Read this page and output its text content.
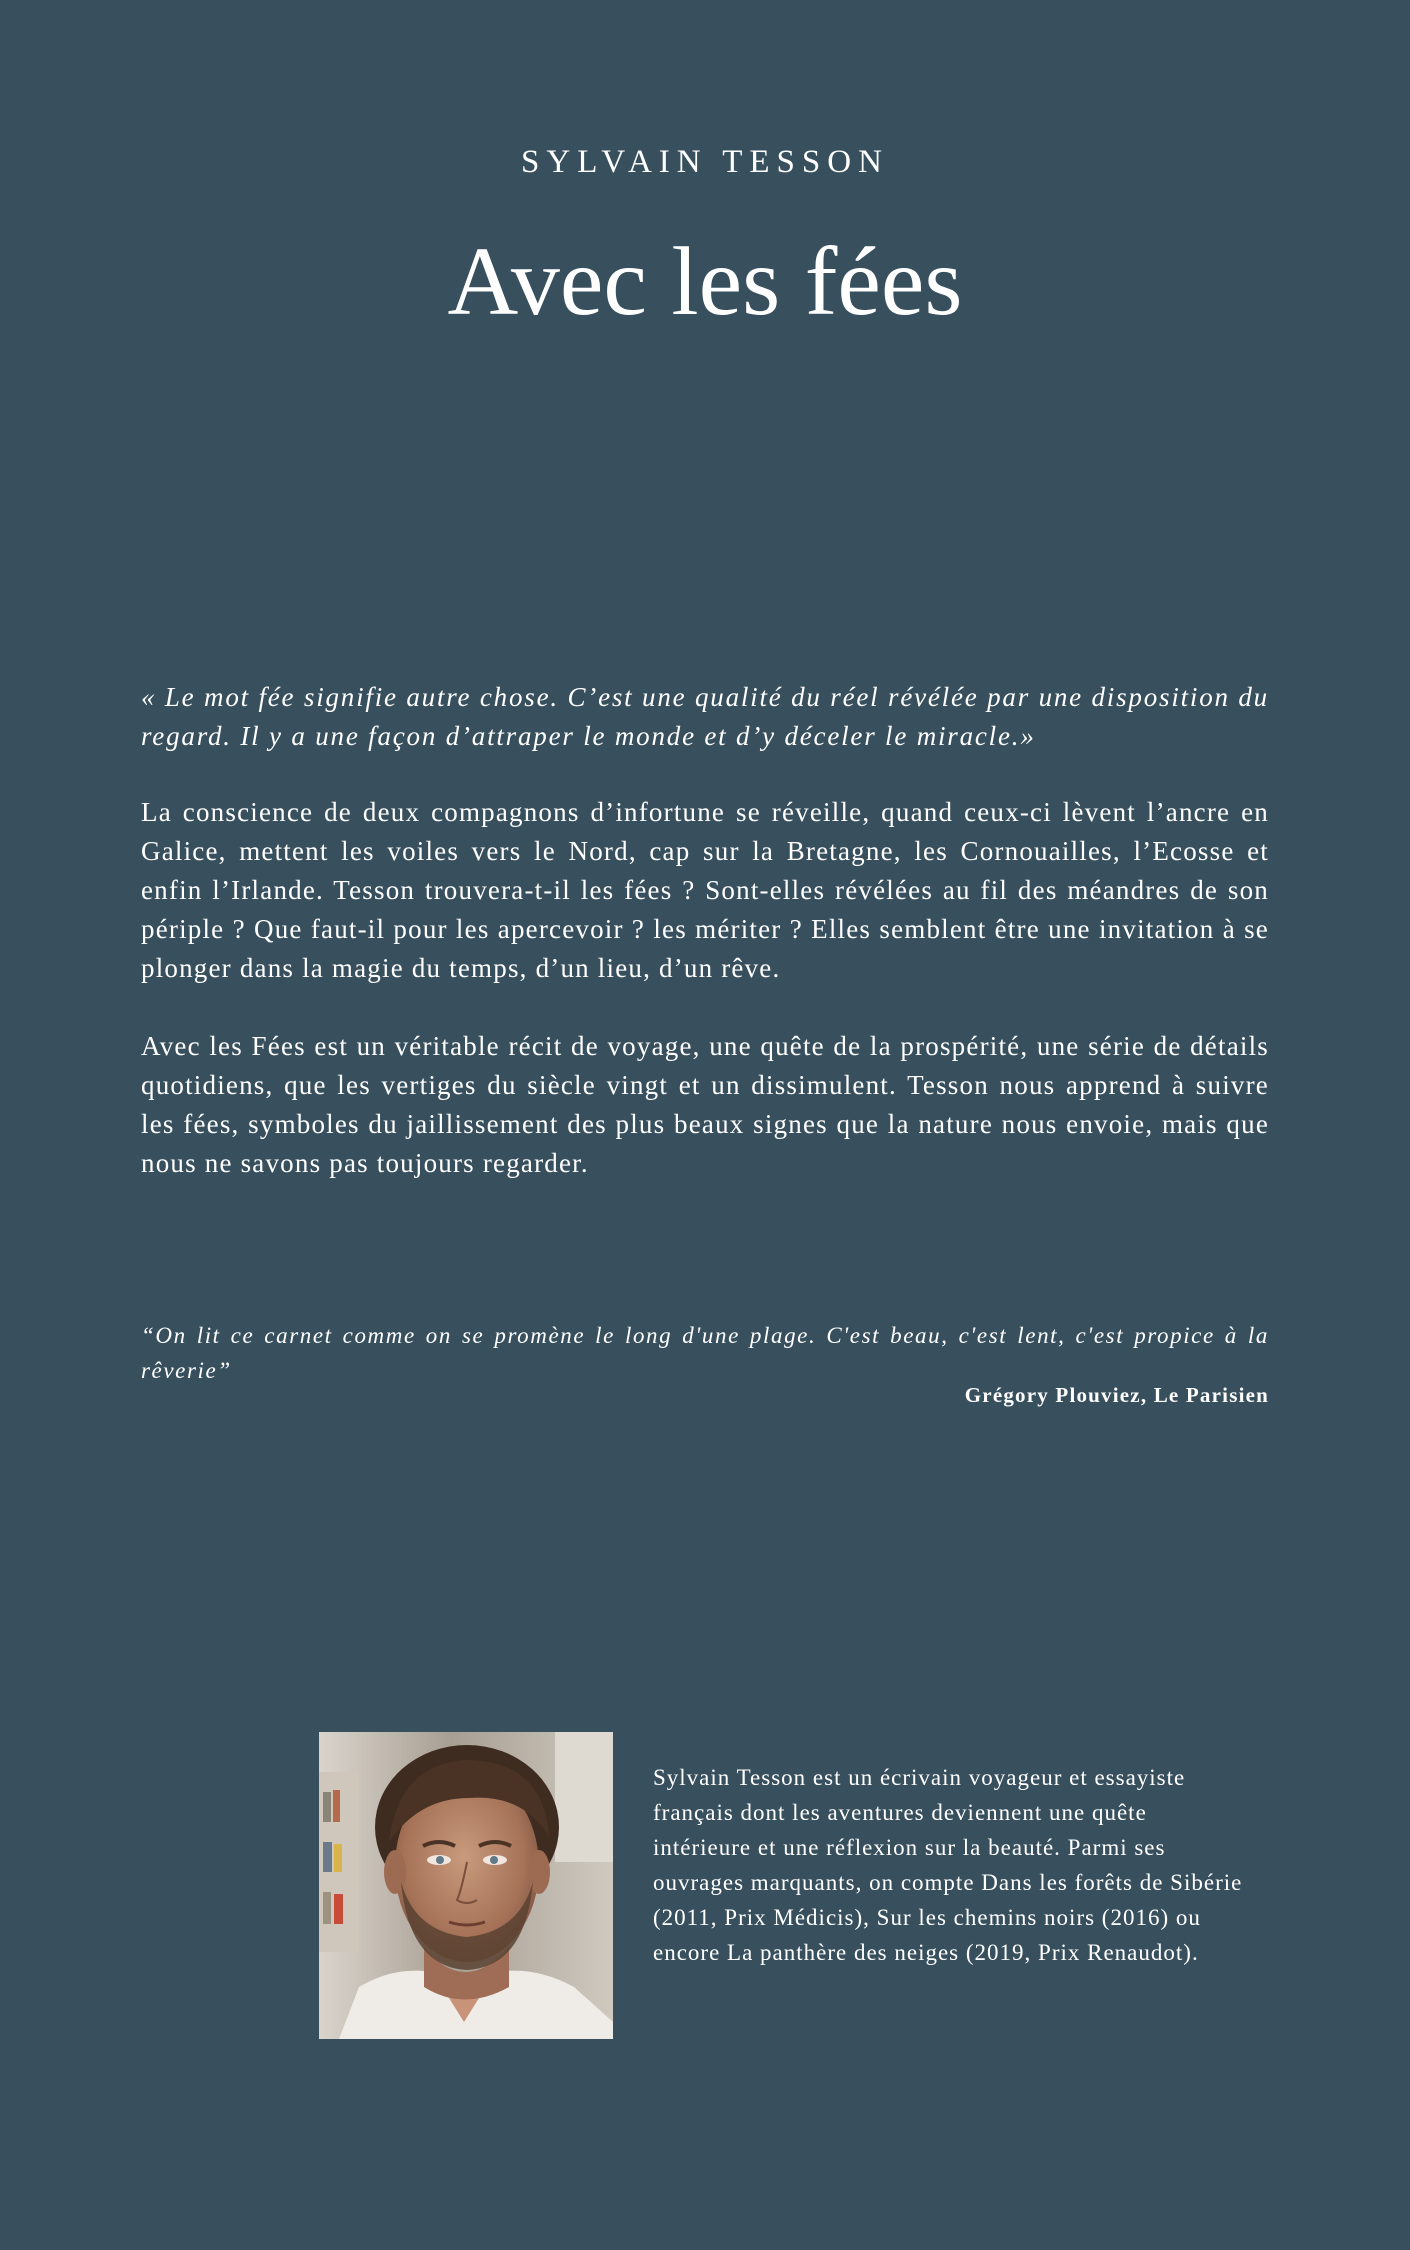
SYLVAIN TESSON
Avec les fées

« Le mot fée signifie autre chose. C’est une qualité du réel révélée par une disposition du regard. Il y a une façon d’attraper le monde et d’y déceler le miracle.»

La conscience de deux compagnons d’infortune se réveille, quand ceux-ci lèvent l’ancre en Galice, mettent les voiles vers le Nord, cap sur la Bretagne, les Cornouailles, l’Ecosse et enfin l’Irlande. Tesson trouvera-t-il les fées ? Sont-elles révélées au fil des méandres de son périple ? Que faut-il pour les apercevoir ? les mériter ? Elles semblent être une invitation à se plonger dans la magie du temps, d’un lieu, d’un rêve.

Avec les Fées est un véritable récit de voyage, une quête de la prospérité, une série de détails quotidiens, que les vertiges du siècle vingt et un dissimulent. Tesson nous apprend à suivre les fées, symboles du jaillissement des plus beaux signes que la nature nous envoie, mais que nous ne savons pas toujours regarder.

“On lit ce carnet comme on se promène le long d'une plage. C'est beau, c'est lent, c'est propice à la rêverie”

Grégory Plouviez, Le Parisien

Sylvain Tesson est un écrivain voyageur et essayiste français dont les aventures deviennent une quête intérieure et une réflexion sur la beauté. Parmi ses ouvrages marquants, on compte Dans les forêts de Sibérie (2011, Prix Médicis), Sur les chemins noirs (2016) ou encore La panthère des neiges (2019, Prix Renaudot).
